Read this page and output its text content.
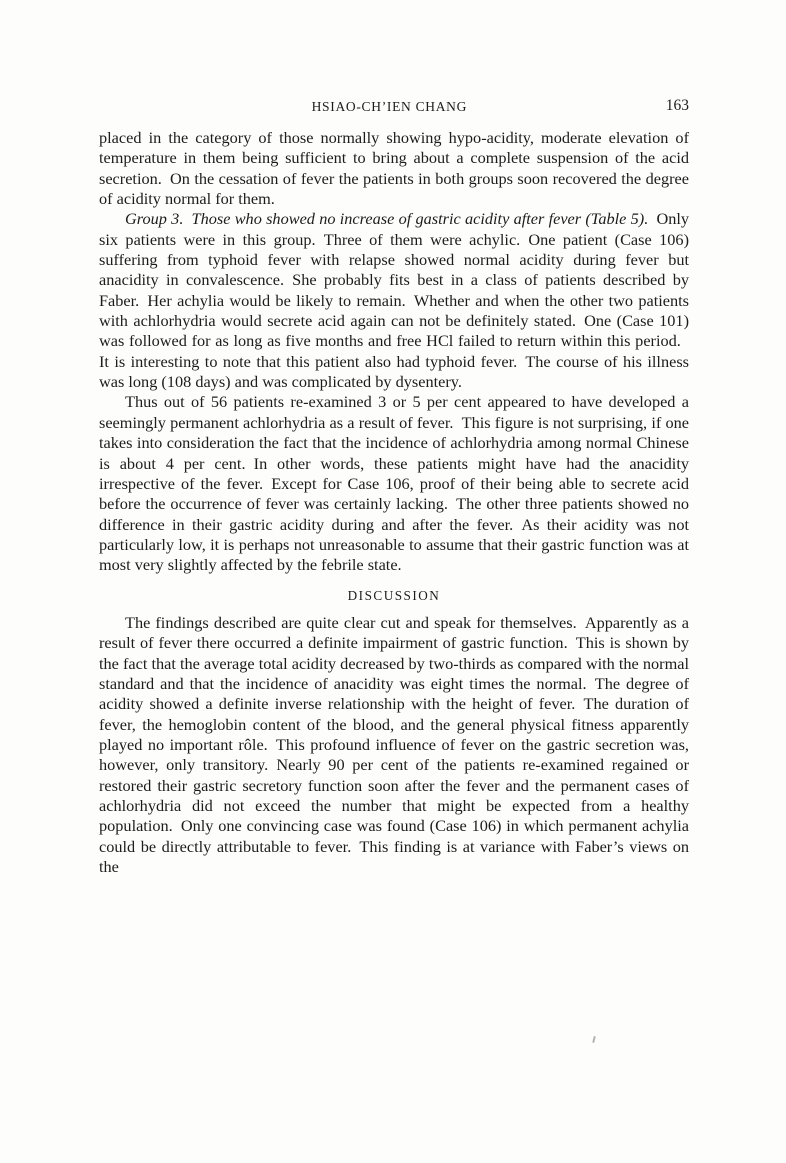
HSIAO-CH’IEN CHANG	163

placed in the category of those normally showing hypo-acidity, moderate elevation of temperature in them being sufficient to bring about a complete suspension of the acid secretion. On the cessation of fever the patients in both groups soon recovered the degree of acidity normal for them.

Group 3. Those who showed no increase of gastric acidity after fever (Table 5). Only six patients were in this group. Three of them were achylic. One patient (Case 106) suffering from typhoid fever with relapse showed normal acidity during fever but anacidity in convalescence. She probably fits best in a class of patients described by Faber. Her achylia would be likely to remain. Whether and when the other two patients with achlorhydria would secrete acid again can not be definitely stated. One (Case 101) was followed for as long as five months and free HCl failed to return within this period. It is interesting to note that this patient also had typhoid fever. The course of his illness was long (108 days) and was complicated by dysentery.

Thus out of 56 patients re-examined 3 or 5 per cent appeared to have developed a seemingly permanent achlorhydria as a result of fever. This figure is not surprising, if one takes into consideration the fact that the incidence of achlorhydria among normal Chinese is about 4 per cent. In other words, these patients might have had the anacidity irrespective of the fever. Except for Case 106, proof of their being able to secrete acid before the occurrence of fever was certainly lacking. The other three patients showed no difference in their gastric acidity during and after the fever. As their acidity was not particularly low, it is perhaps not unreasonable to assume that their gastric function was at most very slightly affected by the febrile state.

DISCUSSION

The findings described are quite clear cut and speak for themselves. Apparently as a result of fever there occurred a definite impairment of gastric function. This is shown by the fact that the average total acidity decreased by two-thirds as compared with the normal standard and that the incidence of anacidity was eight times the normal. The degree of acidity showed a definite inverse relationship with the height of fever. The duration of fever, the hemoglobin content of the blood, and the general physical fitness apparently played no important rôle. This profound influence of fever on the gastric secretion was, however, only transitory. Nearly 90 per cent of the patients re-examined regained or restored their gastric secretory function soon after the fever and the permanent cases of achlorhydria did not exceed the number that might be expected from a healthy population. Only one convincing case was found (Case 106) in which permanent achylia could be directly attributable to fever. This finding is at variance with Faber’s views on the
